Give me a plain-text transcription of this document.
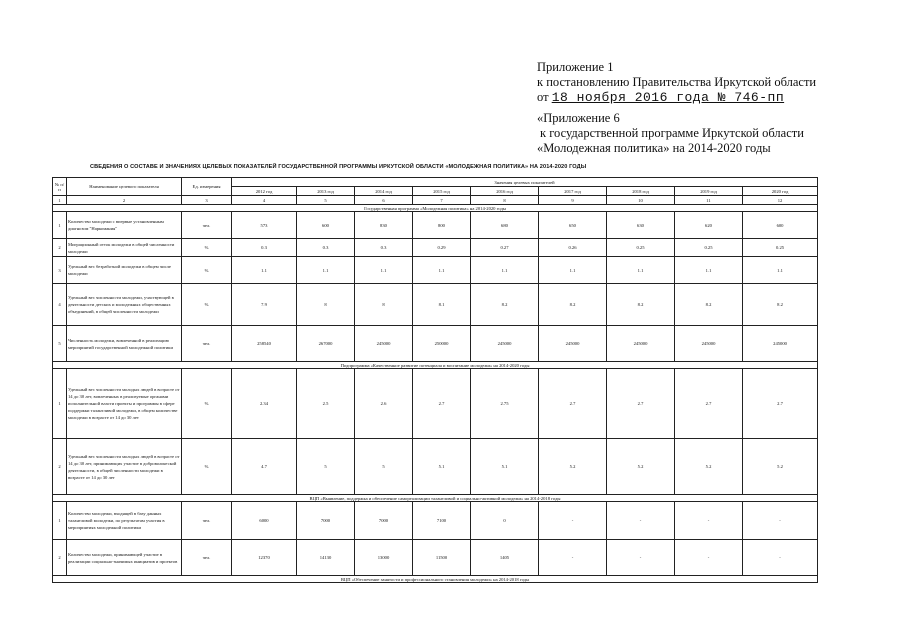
Приложение 1
к постановлению Правительства Иркутской области
от 18 ноября 2016 года № 746-пп
«Приложение 6
к государственной программе Иркутской области
«Молодежная политика» на 2014-2020 годы
СВЕДЕНИЯ О СОСТАВЕ И ЗНАЧЕНИЯХ ЦЕЛЕВЫХ ПОКАЗАТЕЛЕЙ ГОСУДАРСТВЕННОЙ ПРОГРАММЫ ИРКУТСКОЙ ОБЛАСТИ «МОЛОДЕЖНАЯ ПОЛИТИКА» НА 2014-2020 ГОДЫ
№ п/п	Наименование целевого показателя	Ед. измерения	Значения целевых показателей								
			2012 год	2013 год	2014 год	2015 год	2016 год	2017 год	2018 год	2019 год	2020 год
1	2	3	4	5	6	7	8	9	10	11	12
Государственная программа «Молодежная политика» на 2014-2020 годы											
1	Количество молодежи с впервые установленным диагнозом "Наркомания"	чел.	573	600	830	800	680	650	630	620	600
2	Миграционный отток молодежи в общей численности молодежи	%	0.3	0.3	0.3	0.29	0.27	0.26	0.25	0.25	0.25
3	Удельный вес безработной молодежи в общем числе молодежи	%	1.1	1.1	1.1	1.1	1.1	1.1	1.1	1.1	1.1
4	Удельный вес численности молодежи, участвующей в деятельности детских и молодежных общественных объединений, в общей численности молодежи	%	7.9	8	8	8.1	8.2	8.2	8.2	8.2	8.2
5	Численность молодежи, вовлеченной в реализацию мероприятий государственной молодежной политики	чел.	258540	267000	245000	250000	245000	245000	245000	245000	245000
Подпрограмма «Качественное развитие потенциала и воспитание молодежи» на 2014-2020 годы											
1	Удельный вес численности молодых людей в возрасте от 14 до 30 лет, вовлеченных в реализуемые органами исполнительной власти проекты и программы в сфере поддержки талантливой молодежи, в общем количестве молодежи в возрасте от 14 до 30 лет	%	2.34	2.5	2.6	2.7	2.75	2.7	2.7	2.7	2.7
2	Удельный вес численности молодых людей в возрасте от 14 до 30 лет, принимающих участие в добровольческой деятельности, в общей численности молодежи в возрасте от 14 до 30 лет	%	4.7	5	5	5.1	5.1	5.2	5.2	5.2	5.2
ВЦП «Выявление, поддержка и обеспечение самореализации талантливой и социально-активной молодежи» на 2014-2018 годы											
1	Количество молодежи, входящей в базу данных талантливой молодежи, по результатам участия в мероприятиях молодежной политики	чел.	6000	7000	7000	7100	0	-	-	-	-
2	Количество молодежи, принимающей участие в реализации социально-значимых инициатив и проектов	чел.	12370	14130	13000	11500	1405	-	-	-	-
ВЦП «Обеспечение занятости и профессионального становления молодежи» на 2014-2018 годы											
